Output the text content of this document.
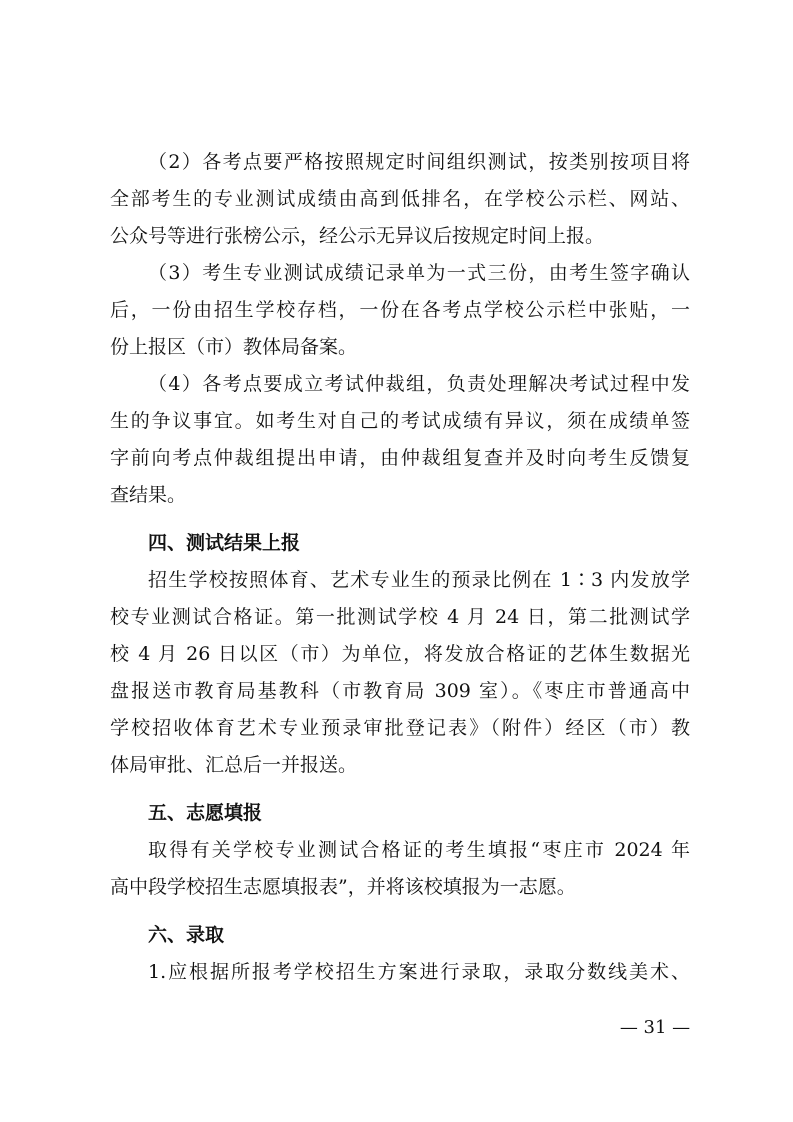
（2）各考点要严格按照规定时间组织测试，按类别按项目将
全部考生的专业测试成绩由高到低排名，在学校公示栏、网站、
公众号等进行张榜公示，经公示无异议后按规定时间上报。
（3）考生专业测试成绩记录单为一式三份，由考生签字确认
后，一份由招生学校存档，一份在各考点学校公示栏中张贴，一
份上报区（市）教体局备案。
（4）各考点要成立考试仲裁组，负责处理解决考试过程中发
生的争议事宜。如考生对自己的考试成绩有异议，须在成绩单签
字前向考点仲裁组提出申请，由仲裁组复查并及时向考生反馈复
查结果。
四、测试结果上报
招生学校按照体育、艺术专业生的预录比例在 1∶3 内发放学
校专业测试合格证。第一批测试学校 4 月 24 日，第二批测试学
校 4 月 26 日以区（市）为单位，将发放合格证的艺体生数据光
盘报送市教育局基教科（市教育局 309 室）。《枣庄市普通高中
学校招收体育艺术专业预录审批登记表》（附件）经区（市）教
体局审批、汇总后一并报送。
五、志愿填报
取得有关学校专业测试合格证的考生填报“枣庄市 2024 年
高中段学校招生志愿填报表”，并将该校填报为一志愿。
六、录取
1.应根据所报考学校招生方案进行录取，录取分数线美术、
— 31 —
